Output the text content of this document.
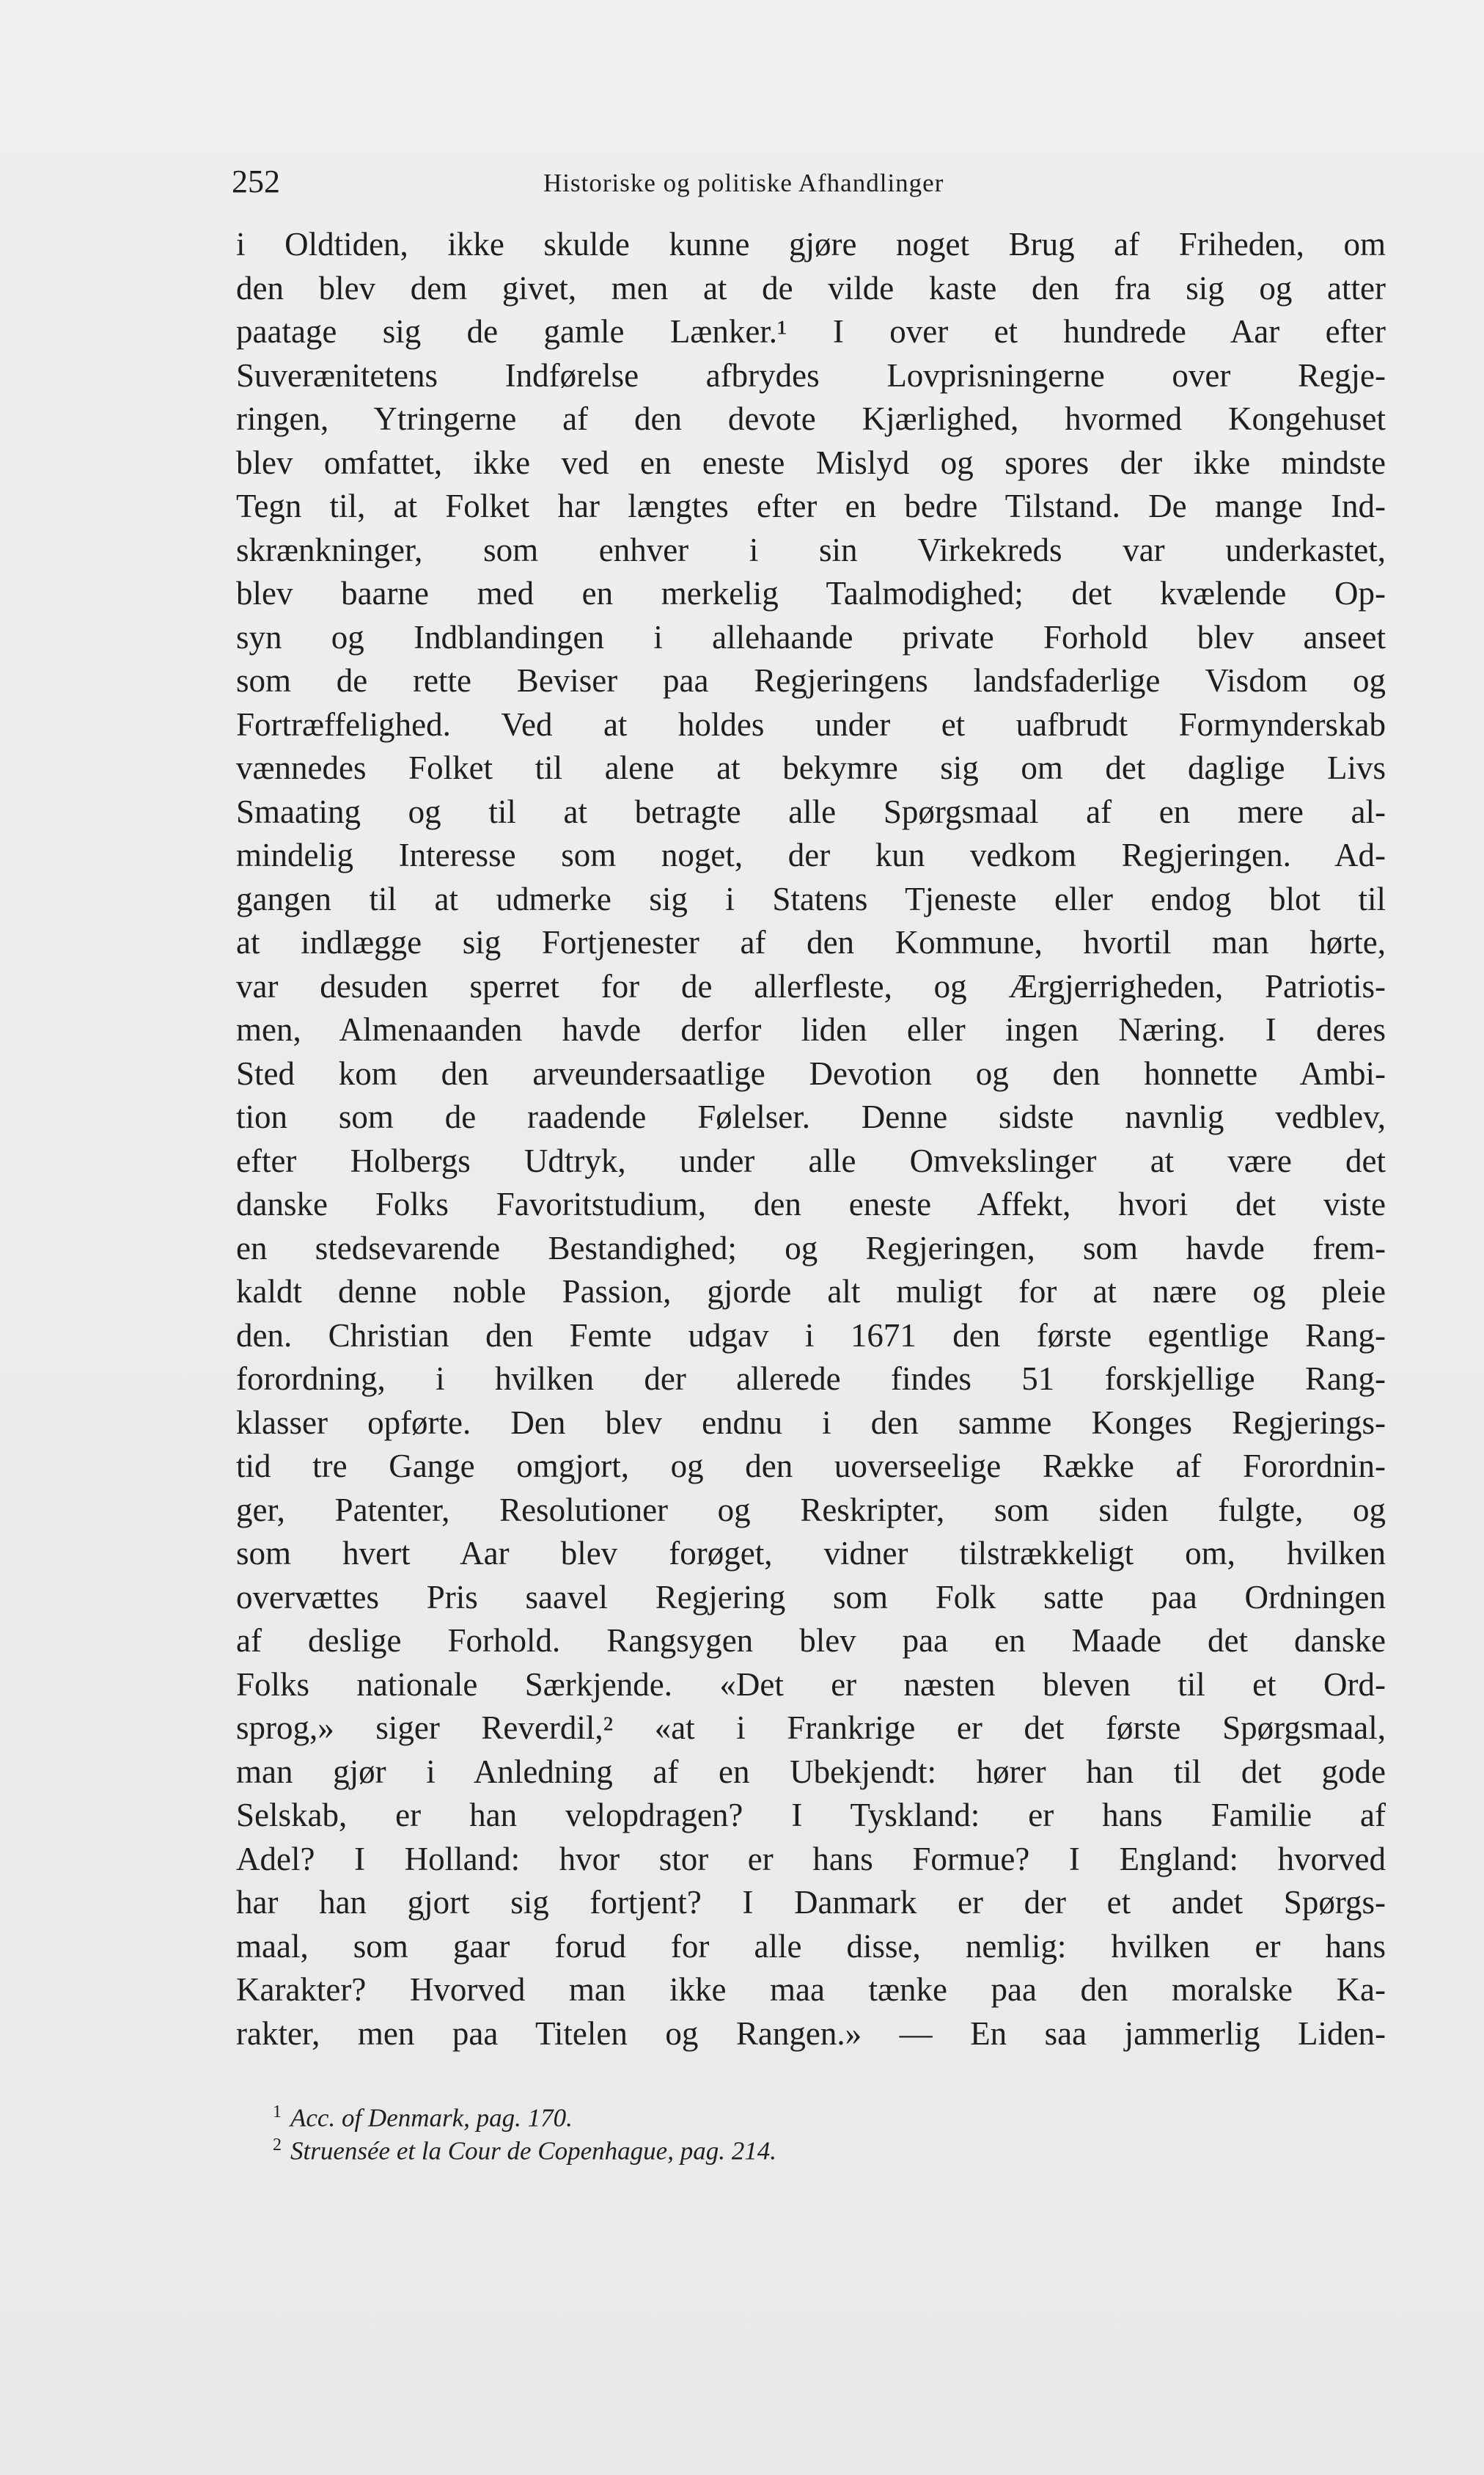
252	Historiske og politiske Afhandlinger
i Oldtiden, ikke skulde kunne gjøre noget Brug af Friheden, om
den blev dem givet, men at de vilde kaste den fra sig og atter
paatage sig de gamle Lænker.¹ I over et hundrede Aar efter
Suverænitetens Indførelse afbrydes Lovprisningerne over Regje-
ringen, Ytringerne af den devote Kjærlighed, hvormed Kongehuset
blev omfattet, ikke ved en eneste Mislyd og spores der ikke mindste
Tegn til, at Folket har længtes efter en bedre Tilstand. De mange Ind-
skrænkninger, som enhver i sin Virkekreds var underkastet,
blev baarne med en merkelig Taalmodighed; det kvælende Op-
syn og Indblandingen i allehaande private Forhold blev anseet
som de rette Beviser paa Regjeringens landsfaderlige Visdom og
Fortræffelighed. Ved at holdes under et uafbrudt Formynderskab
vænnedes Folket til alene at bekymre sig om det daglige Livs
Smaating og til at betragte alle Spørgsmaal af en mere al-
mindelig Interesse som noget, der kun vedkom Regjeringen. Ad-
gangen til at udmerke sig i Statens Tjeneste eller endog blot til
at indlægge sig Fortjenester af den Kommune, hvortil man hørte,
var desuden sperret for de allerfleste, og Ærgjerrigheden, Patriotis-
men, Almenaanden havde derfor liden eller ingen Næring. I deres
Sted kom den arveundersaatlige Devotion og den honnette Ambi-
tion som de raadende Følelser. Denne sidste navnlig vedblev,
efter Holbergs Udtryk, under alle Omvekslinger at være det
danske Folks Favoritstudium, den eneste Affekt, hvori det viste
en stedsevarende Bestandighed; og Regjeringen, som havde frem-
kaldt denne noble Passion, gjorde alt muligt for at nære og pleie
den. Christian den Femte udgav i 1671 den første egentlige Rang-
forordning, i hvilken der allerede findes 51 forskjellige Rang-
klasser opførte. Den blev endnu i den samme Konges Regjerings-
tid tre Gange omgjort, og den uoverseelige Række af Forordnin-
ger, Patenter, Resolutioner og Reskripter, som siden fulgte, og
som hvert Aar blev forøget, vidner tilstrækkeligt om, hvilken
overvættes Pris saavel Regjering som Folk satte paa Ordningen
af deslige Forhold. Rangsygen blev paa en Maade det danske
Folks nationale Særkjende. «Det er næsten bleven til et Ord-
sprog,» siger Reverdil,² «at i Frankrige er det første Spørgsmaal,
man gjør i Anledning af en Ubekjendt: hører han til det gode
Selskab, er han velopdragen? I Tyskland: er hans Familie af
Adel? I Holland: hvor stor er hans Formue? I England: hvorved
har han gjort sig fortjent? I Danmark er der et andet Spørgs-
maal, som gaar forud for alle disse, nemlig: hvilken er hans
Karakter? Hvorved man ikke maa tænke paa den moralske Ka-
rakter, men paa Titelen og Rangen.» — En saa jammerlig Liden-
$^1$ Acc. of Denmark, pag. 170.
$^2$ Struensée et la Cour de Copenhague, pag. 214.
